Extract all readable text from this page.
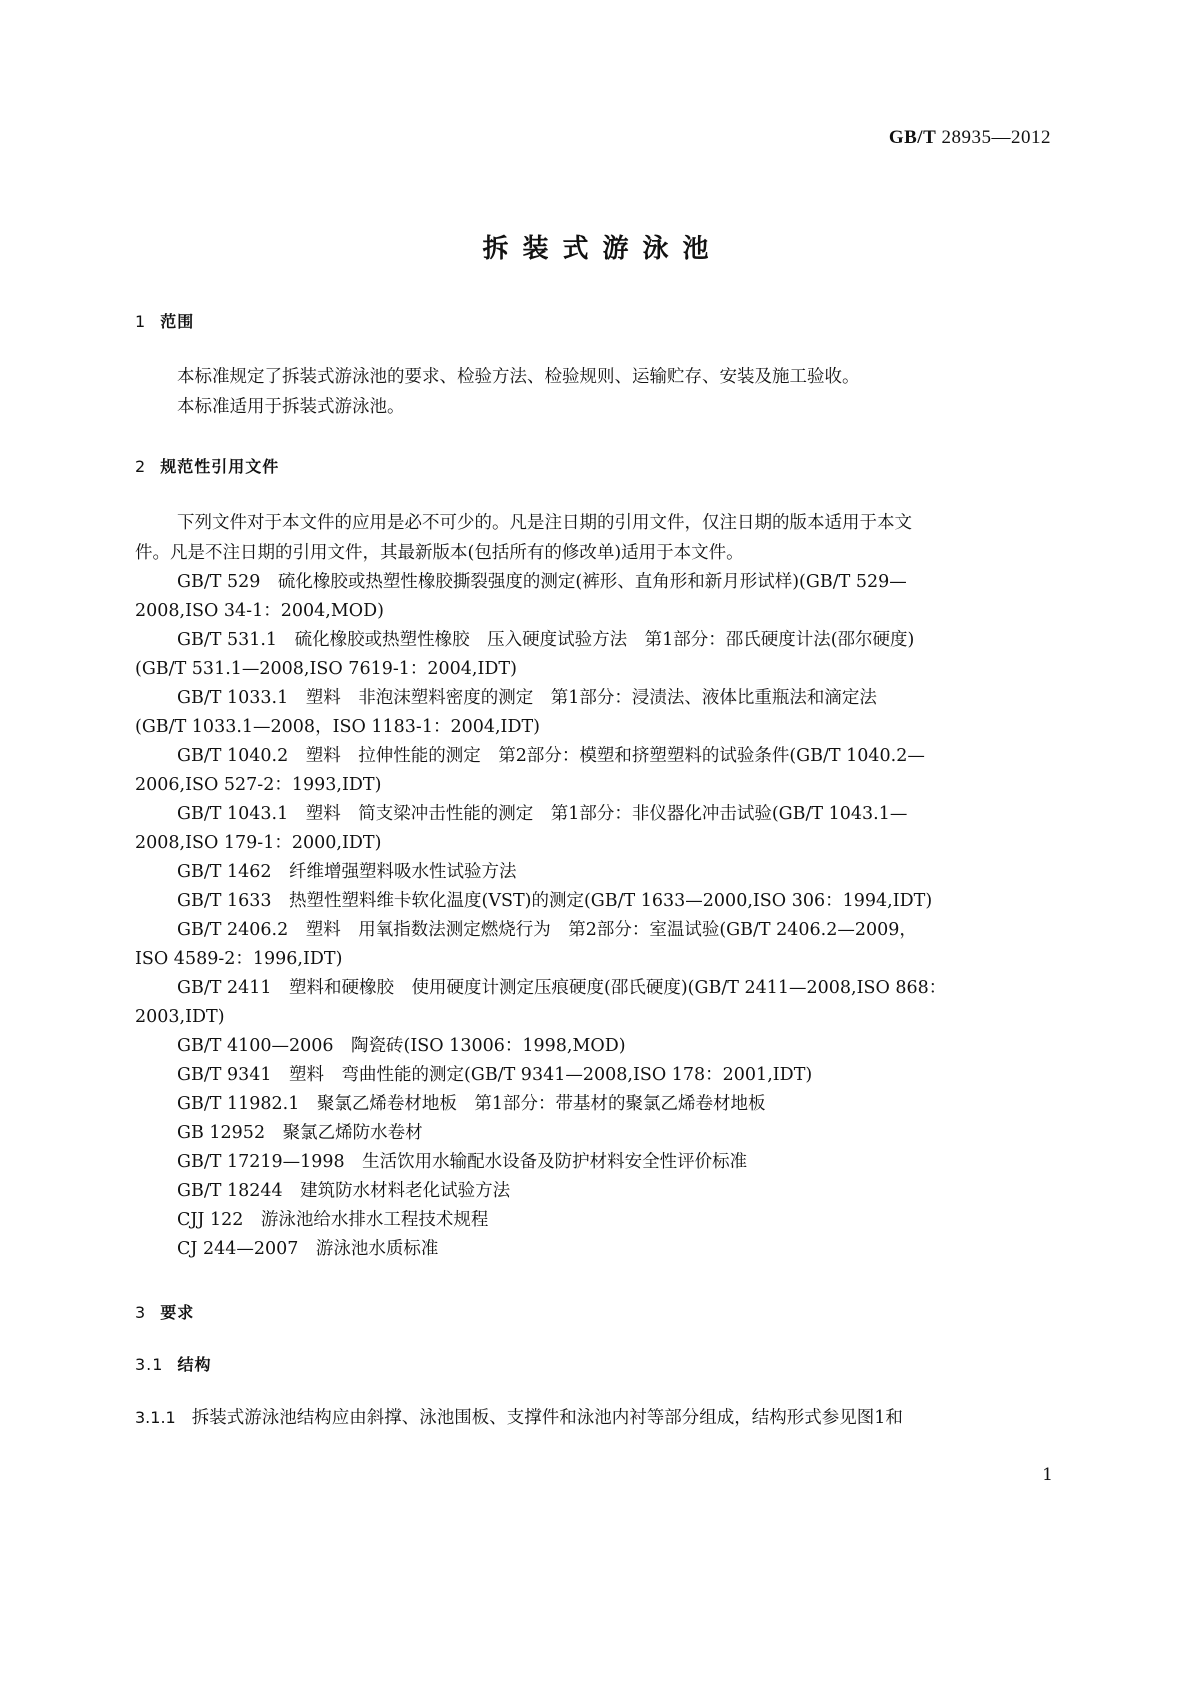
GB/T 28935—2012
拆装式游泳池
1 范围
本标准规定了拆装式游泳池的要求、检验方法、检验规则、运输贮存、安装及施工验收。
本标准适用于拆装式游泳池。
2 规范性引用文件
下列文件对于本文件的应用是必不可少的。凡是注日期的引用文件，仅注日期的版本适用于本文
件。凡是不注日期的引用文件，其最新版本(包括所有的修改单)适用于本文件。
GB/T 529　硫化橡胶或热塑性橡胶撕裂强度的测定(裤形、直角形和新月形试样)(GB/T 529—
2008,ISO 34-1：2004,MOD)
GB/T 531.1　硫化橡胶或热塑性橡胶　压入硬度试验方法　第1部分：邵氏硬度计法(邵尔硬度)
(GB/T 531.1—2008,ISO 7619-1：2004,IDT)
GB/T 1033.1　塑料　非泡沫塑料密度的测定　第1部分：浸渍法、液体比重瓶法和滴定法
(GB/T 1033.1—2008，ISO 1183-1：2004,IDT)
GB/T 1040.2　塑料　拉伸性能的测定　第2部分：模塑和挤塑塑料的试验条件(GB/T 1040.2—
2006,ISO 527-2：1993,IDT)
GB/T 1043.1　塑料　简支梁冲击性能的测定　第1部分：非仪器化冲击试验(GB/T 1043.1—
2008,ISO 179-1：2000,IDT)
GB/T 1462　纤维增强塑料吸水性试验方法
GB/T 1633　热塑性塑料维卡软化温度(VST)的测定(GB/T 1633—2000,ISO 306：1994,IDT)
GB/T 2406.2　塑料　用氧指数法测定燃烧行为　第2部分：室温试验(GB/T 2406.2—2009，
ISO 4589-2：1996,IDT)
GB/T 2411　塑料和硬橡胶　使用硬度计测定压痕硬度(邵氏硬度)(GB/T 2411—2008,ISO 868：
2003,IDT)
GB/T 4100—2006　陶瓷砖(ISO 13006：1998,MOD)
GB/T 9341　塑料　弯曲性能的测定(GB/T 9341—2008,ISO 178：2001,IDT)
GB/T 11982.1　聚氯乙烯卷材地板　第1部分：带基材的聚氯乙烯卷材地板
GB 12952　聚氯乙烯防水卷材
GB/T 17219—1998　生活饮用水输配水设备及防护材料安全性评价标准
GB/T 18244　建筑防水材料老化试验方法
CJJ 122　游泳池给水排水工程技术规程
CJ 244—2007　游泳池水质标准
3 要求
3.1 结构
3.1.1 拆装式游泳池结构应由斜撑、泳池围板、支撑件和泳池内衬等部分组成，结构形式参见图1和
1
